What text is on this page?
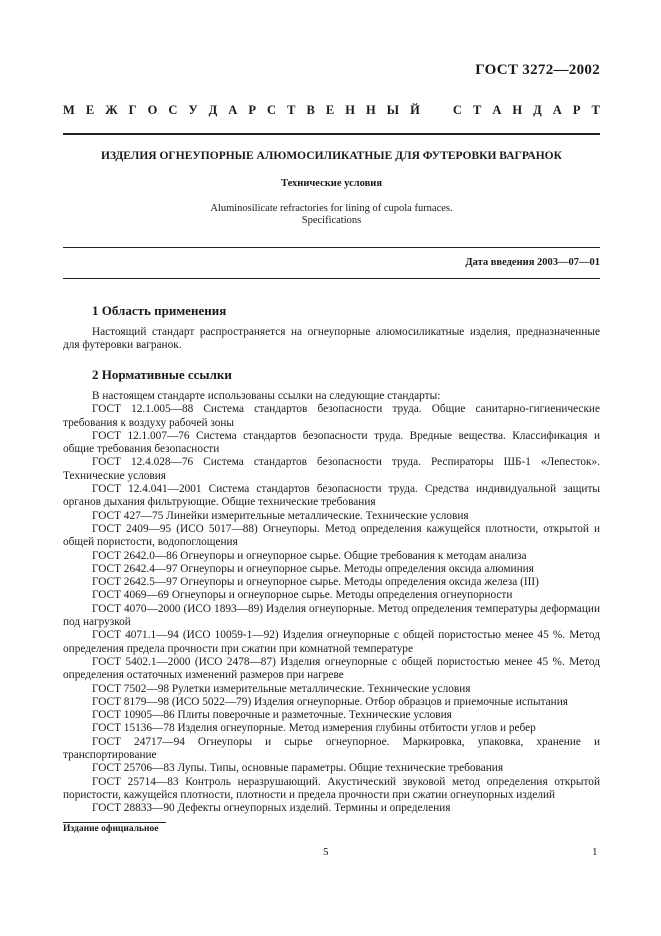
ГОСТ 3272—2002
М Е Ж Г О С У Д А Р С Т В Е Н Н Ы Й	С Т А Н Д А Р Т
ИЗДЕЛИЯ ОГНЕУПОРНЫЕ АЛЮМОСИЛИКАТНЫЕ ДЛЯ ФУТЕРОВКИ ВАГРАНОК
Технические условия
Aluminosilicate refractories for lining of cupola furnaces.
Specifications
Дата введения 2003—07—01
1 Область применения

Настоящий стандарт распространяется на огнеупорные алюмосиликатные изделия, предназначенные для футеровки вагранок.

2 Нормативные ссылки

В настоящем стандарте использованы ссылки на следующие стандарты:

ГОСТ 12.1.005—88 Система стандартов безопасности труда. Общие санитарно-гигиенические требования к воздуху рабочей зоны

ГОСТ 12.1.007—76 Система стандартов безопасности труда. Вредные вещества. Классификация и общие требования безопасности

ГОСТ 12.4.028—76 Система стандартов безопасности труда. Респираторы ШБ-1 «Лепесток». Технические условия

ГОСТ 12.4.041—2001 Система стандартов безопасности труда. Средства индивидуальной защиты органов дыхания фильтрующие. Общие технические требования

ГОСТ 427—75 Линейки измерительные металлические. Технические условия

ГОСТ 2409—95 (ИСО 5017—88) Огнеупоры. Метод определения кажущейся плотности, открытой и общей пористости, водопоглощения

ГОСТ 2642.0—86 Огнеупоры и огнеупорное сырье. Общие требования к методам анализа

ГОСТ 2642.4—97 Огнеупоры и огнеупорное сырье. Методы определения оксида алюминия

ГОСТ 2642.5—97 Огнеупоры и огнеупорное сырье. Методы определения оксида железа (III)

ГОСТ 4069—69 Огнеупоры и огнеупорное сырье. Методы определения огнеупорности

ГОСТ 4070—2000 (ИСО 1893—89) Изделия огнеупорные. Метод определения температуры деформации под нагрузкой

ГОСТ 4071.1—94 (ИСО 10059-1—92) Изделия огнеупорные с общей пористостью менее 45 %. Метод определения предела прочности при сжатии при комнатной температуре

ГОСТ 5402.1—2000 (ИСО 2478—87) Изделия огнеупорные с общей пористостью менее 45 %. Метод определения остаточных изменений размеров при нагреве

ГОСТ 7502—98 Рулетки измерительные металлические. Технические условия

ГОСТ 8179—98 (ИСО 5022—79) Изделия огнеупорные. Отбор образцов и приемочные испытания

ГОСТ 10905—86 Плиты поверочные и разметочные. Технические условия

ГОСТ 15136—78 Изделия огнеупорные. Метод измерения глубины отбитости углов и ребер

ГОСТ 24717—94 Огнеупоры и сырье огнеупорное. Маркировка, упаковка, хранение и транспортирование

ГОСТ 25706—83 Лупы. Типы, основные параметры. Общие технические требования

ГОСТ 25714—83 Контроль неразрушающий. Акустический звуковой метод определения открытой пористости, кажущейся плотности, плотности и предела прочности при сжатии огнеупорных изделий

ГОСТ 28833—90 Дефекты огнеупорных изделий. Термины и определения

Издание официальное
5	1
